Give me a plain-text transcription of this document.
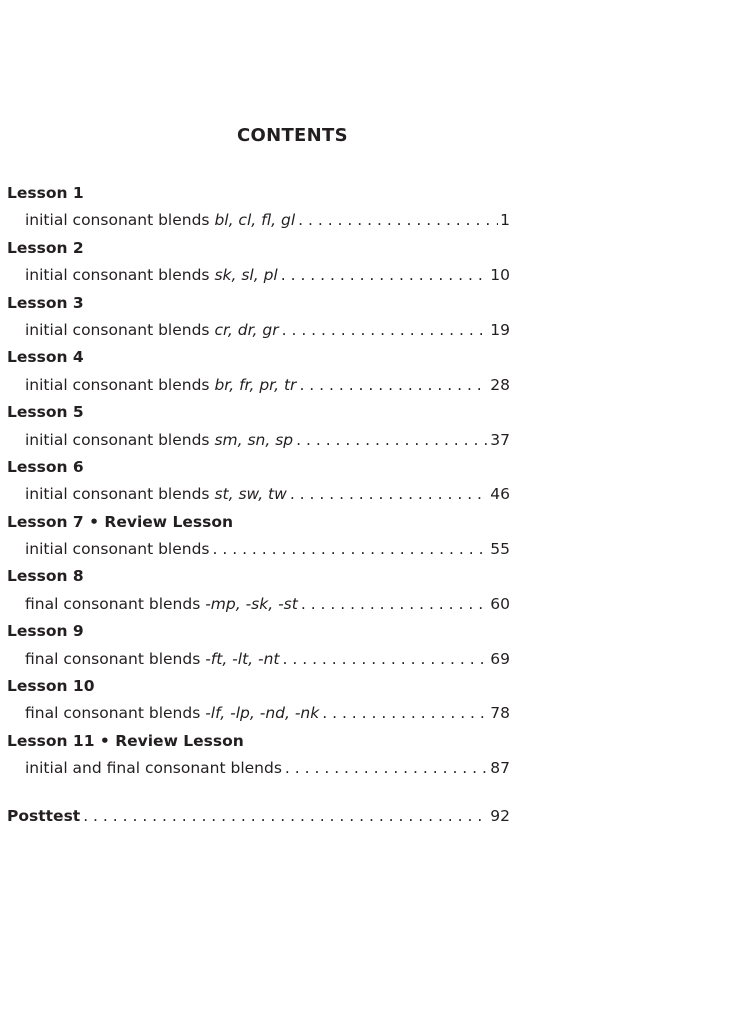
CONTENTS
Lesson 1
initial consonant blends bl, cl, fl, gl . . .	1
Lesson 2
initial consonant blends sk, sl, pl . . .	10
Lesson 3
initial consonant blends cr, dr, gr . . .	19
Lesson 4
initial consonant blends br, fr, pr, tr . . .	28
Lesson 5
initial consonant blends sm, sn, sp . . .	37
Lesson 6
initial consonant blends st, sw, tw . . .	46
Lesson 7 • Review Lesson
initial consonant blends . . .	55
Lesson 8
final consonant blends -mp, -sk, -st . . .	60
Lesson 9
final consonant blends -ft, -lt, -nt . . .	69
Lesson 10
final consonant blends -lf, -lp, -nd, -nk . . .	78
Lesson 11 • Review Lesson
initial and final consonant blends . . .	87
Posttest . . .	92
